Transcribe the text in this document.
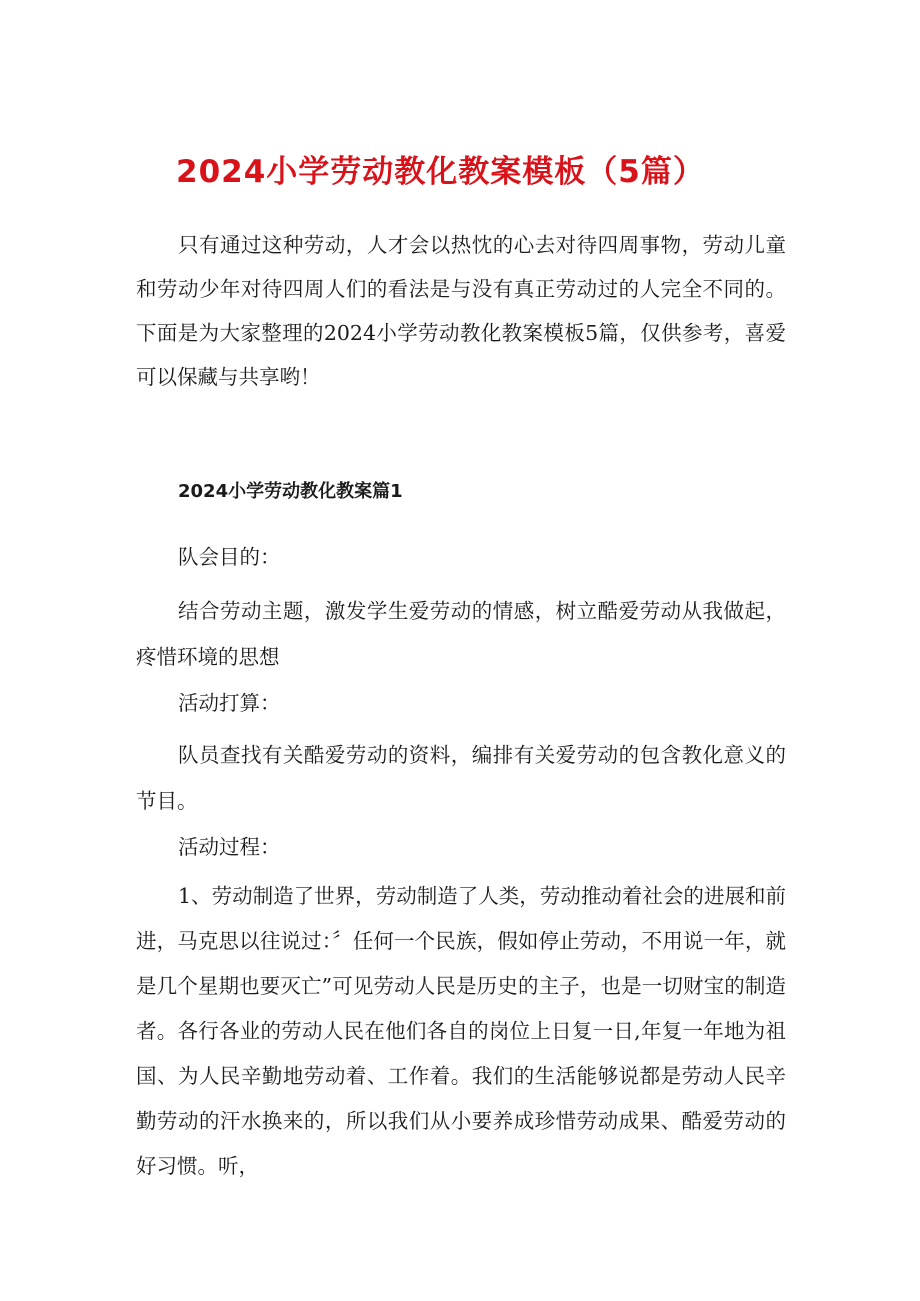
2024小学劳动教化教案模板（5篇）

只有通过这种劳动，人才会以热忱的心去对待四周事物，劳动儿童和劳动少年对待四周人们的看法是与没有真正劳动过的人完全不同的。下面是为大家整理的2024小学劳动教化教案模板5篇，仅供参考，喜爱可以保藏与共享哟！

2024小学劳动教化教案篇1

队会目的：

结合劳动主题，激发学生爱劳动的情感，树立酷爱劳动从我做起，疼惜环境的思想

活动打算：

队员查找有关酷爱劳动的资料，编排有关爱劳动的包含教化意义的节目。

活动过程：

1、劳动制造了世界，劳动制造了人类，劳动推动着社会的进展和前进，马克思以往说过：〞任何一个民族，假如停止劳动，不用说一年，就是几个星期也要灭亡”可见劳动人民是历史的主子，也是一切财宝的制造者。各行各业的劳动人民在他们各自的岗位上日复一日,年复一年地为祖国、为人民辛勤地劳动着、工作着。我们的生活能够说都是劳动人民辛勤劳动的汗水换来的，所以我们从小要养成珍惜劳动成果、酷爱劳动的好习惯。听，
